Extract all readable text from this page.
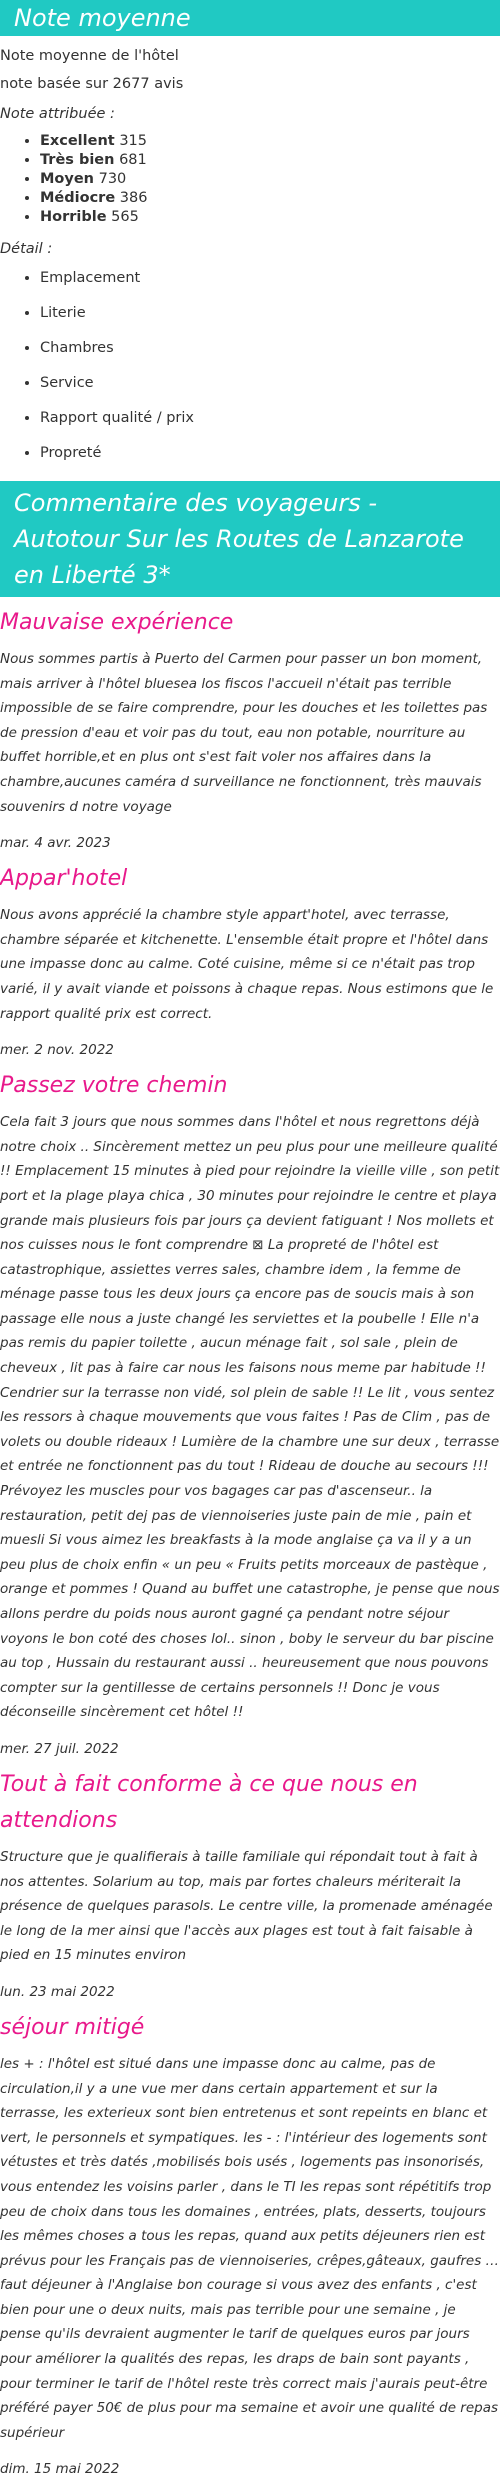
Note moyenne

Note moyenne de l'hôtel

note basée sur 2677 avis

Note attribuée :

• Excellent 315
• Très bien 681
• Moyen 730
• Médiocre 386
• Horrible 565

Détail :

• Emplacement
• Literie
• Chambres
• Service
• Rapport qualité / prix
• Propreté
Commentaire des voyageurs - Autotour Sur les Routes de Lanzarote en Liberté 3*
Mauvaise expérience

Nous sommes partis à Puerto del Carmen pour passer un bon moment, mais arriver à l'hôtel bluesea los fiscos l'accueil n'était pas terrible impossible de se faire comprendre, pour les douches et les toilettes pas de pression d'eau et voir pas du tout, eau non potable, nourriture au buffet horrible,et en plus ont s'est fait voler nos affaires dans la chambre,aucunes caméra d surveillance ne fonctionnent, très mauvais souvenirs d notre voyage

mar. 4 avr. 2023

Appar'hotel

Nous avons apprécié la chambre style appart'hotel, avec terrasse, chambre séparée et kitchenette. L'ensemble était propre et l'hôtel dans une impasse donc au calme. Coté cuisine, même si ce n'était pas trop varié, il y avait viande et poissons à chaque repas. Nous estimons que le rapport qualité prix est correct.

mer. 2 nov. 2022

Passez votre chemin

Cela fait 3 jours que nous sommes dans l'hôtel et nous regrettons déjà notre choix .. Sincèrement mettez un peu plus pour une meilleure qualité !! Emplacement 15 minutes à pied pour rejoindre la vieille ville , son petit port et la plage playa chica , 30 minutes pour rejoindre le centre et playa grande mais plusieurs fois par jours ça devient fatiguant ! Nos mollets et nos cuisses nous le font comprendre ⊠ La propreté de l'hôtel est catastrophique, assiettes verres sales, chambre idem , la femme de ménage passe tous les deux jours ça encore pas de soucis mais à son passage elle nous a juste changé les serviettes et la poubelle ! Elle n'a pas remis du papier toilette , aucun ménage fait , sol sale , plein de cheveux , lit pas à faire car nous les faisons nous meme par habitude !! Cendrier sur la terrasse non vidé, sol plein de sable !! Le lit , vous sentez les ressors à chaque mouvements que vous faites ! Pas de Clim , pas de volets ou double rideaux ! Lumière de la chambre une sur deux , terrasse et entrée ne fonctionnent pas du tout ! Rideau de douche au secours !!! Prévoyez les muscles pour vos bagages car pas d'ascenseur.. la restauration, petit dej pas de viennoiseries juste pain de mie , pain et muesli Si vous aimez les breakfasts à la mode anglaise ça va il y a un peu plus de choix enfin « un peu « Fruits petits morceaux de pastèque , orange et pommes ! Quand au buffet une catastrophe, je pense que nous allons perdre du poids nous auront gagné ça pendant notre séjour voyons le bon coté des choses lol.. sinon , boby le serveur du bar piscine au top , Hussain du restaurant aussi .. heureusement que nous pouvons compter sur la gentillesse de certains personnels !! Donc je vous déconseille sincèrement cet hôtel !!

mer. 27 juil. 2022

Tout à fait conforme à ce que nous en attendions

Structure que je qualifierais à taille familiale qui répondait tout à fait à nos attentes. Solarium au top, mais par fortes chaleurs mériterait la présence de quelques parasols. Le centre ville, la promenade aménagée le long de la mer ainsi que l'accès aux plages est tout à fait faisable à pied en 15 minutes environ

lun. 23 mai 2022

séjour mitigé

les + : l'hôtel est situé dans une impasse donc au calme, pas de circulation,il y a une vue mer dans certain appartement et sur la terrasse, les exterieux sont bien entretenus et sont repeints en blanc et vert, le personnels et sympatiques. les - : l'intérieur des logements sont vétustes et très datés ,mobilisés bois usés , logements pas insonorisés, vous entendez les voisins parler , dans le TI les repas sont répétitifs trop peu de choix dans tous les domaines , entrées, plats, desserts, toujours les mêmes choses a tous les repas, quand aux petits déjeuners rien est prévus pour les Français pas de viennoiseries, crêpes,gâteaux, gaufres …faut déjeuner à l'Anglaise bon courage si vous avez des enfants , c'est bien pour une o deux nuits, mais pas terrible pour une semaine , je pense qu'ils devraient augmenter le tarif de quelques euros par jours pour améliorer la qualités des repas, les draps de bain sont payants , pour terminer le tarif de l'hôtel reste très correct mais j'aurais peut-être préféré payer 50€ de plus pour ma semaine et avoir une qualité de repas supérieur

dim. 15 mai 2022
